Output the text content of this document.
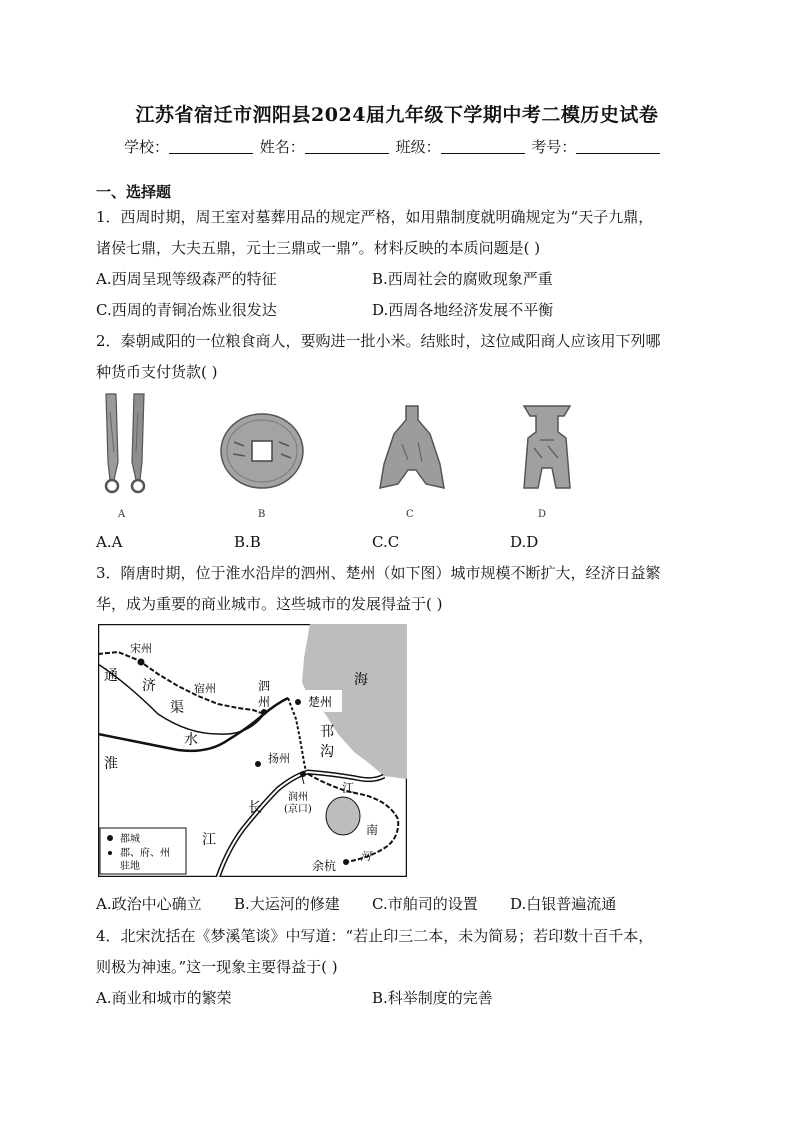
江苏省宿迁市泗阳县2024届九年级下学期中考二模历史试卷
学校：	姓名：	班级：	考号：
一、选择题
1．西周时期，周王室对墓葬用品的规定严格，如用鼎制度就明确规定为“天子九鼎，
诸侯七鼎，大夫五鼎，元士三鼎或一鼎”。材料反映的本质问题是( )
A.西周呈现等级森严的特征	B.西周社会的腐败现象严重
C.西周的青铜冶炼业很发达	D.西周各地经济发展不平衡
2．秦朝咸阳的一位粮食商人，要购进一批小米。结账时，这位咸阳商人应该用下列哪
种货币支付货款( )
A	B	C	D
A.A	B.B	C.C	D.D
3．隋唐时期，位于淮水沿岸的泗州、楚州（如下图）城市规模不断扩大，经济日益繁
华，成为重要的商业城市。这些城市的发展得益于( )
宋州
通
济
渠
宿州	泗
州	楚州
海
邗
沟
水
淮	扬州
江
长
江
润州
(京口)
南
河
余杭
都城
郡、府、州
驻地
A.政治中心确立 B.大运河的修建 C.市舶司的设置 D.白银普遍流通
4．北宋沈括在《梦溪笔谈》中写道：“若止印三二本，未为简易；若印数十百千本，
则极为神速。”这一现象主要得益于( )
A.商业和城市的繁荣	B.科举制度的完善
